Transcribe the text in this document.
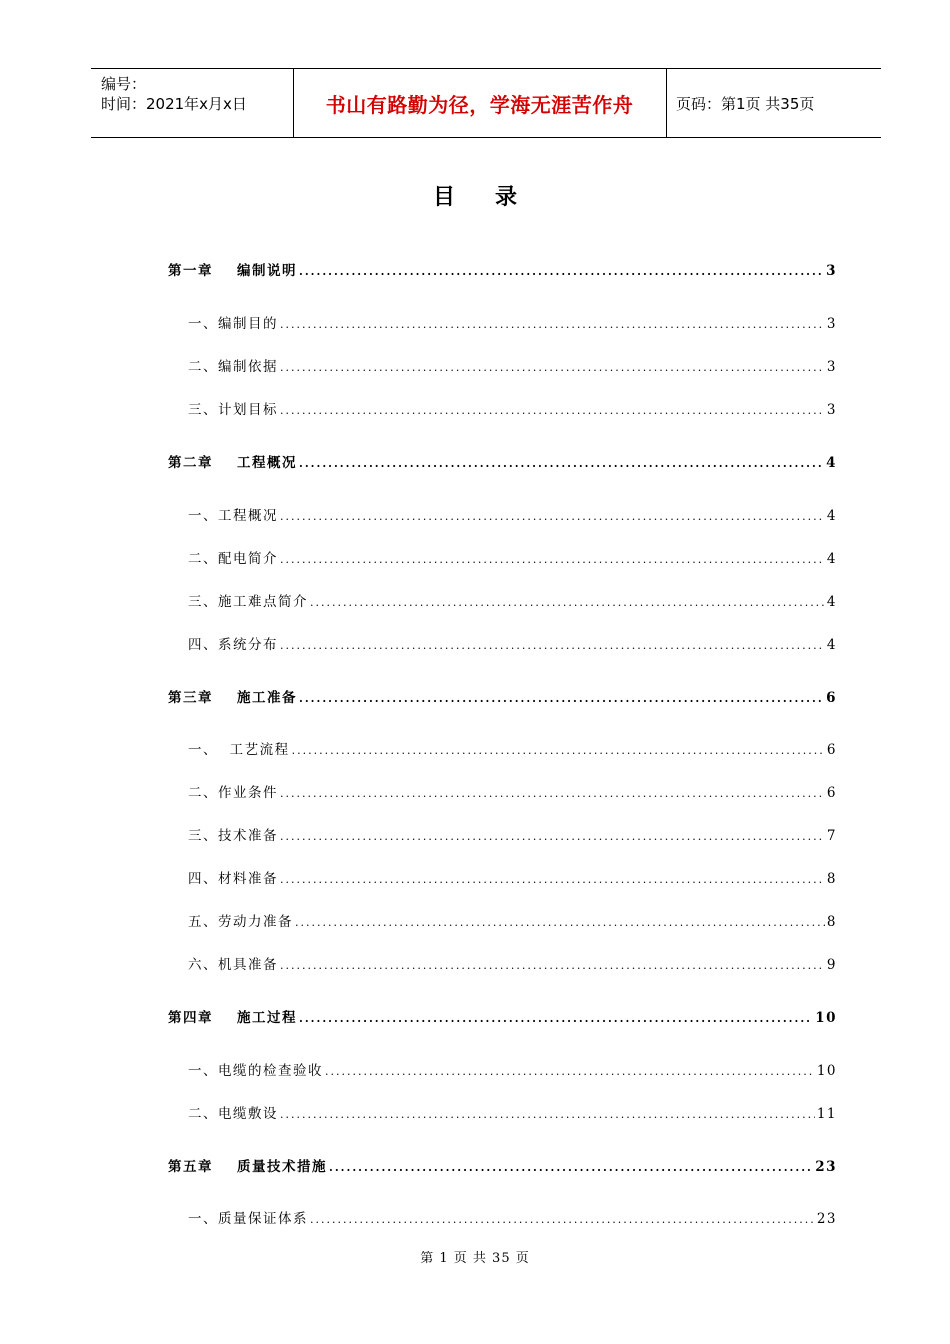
编号：
时间：2021年x月x日	书山有路勤为径，学海无涯苦作舟	页码：第1页 共35页
目录
第一章 编制说明 .....	3
一、编制目的 .....	3
二、编制依据 .....	3
三、计划目标 .....	3
第二章 工程概况 .....	4
一、工程概况 .....	4
二、配电简介 .....	4
三、施工难点简介 .....	4
四、系统分布 .....	4
第三章 施工准备 .....	6
一、  工艺流程 .....	6
二、作业条件 .....	6
三、技术准备 .....	7
四、材料准备 .....	8
五、劳动力准备 .....	8
六、机具准备 .....	9
第四章 施工过程 .....	10
一、电缆的检查验收 .....	10
二、电缆敷设 .....	11
第五章 质量技术措施 .....	23
一、质量保证体系 .....	23
第 1 页 共 35 页
